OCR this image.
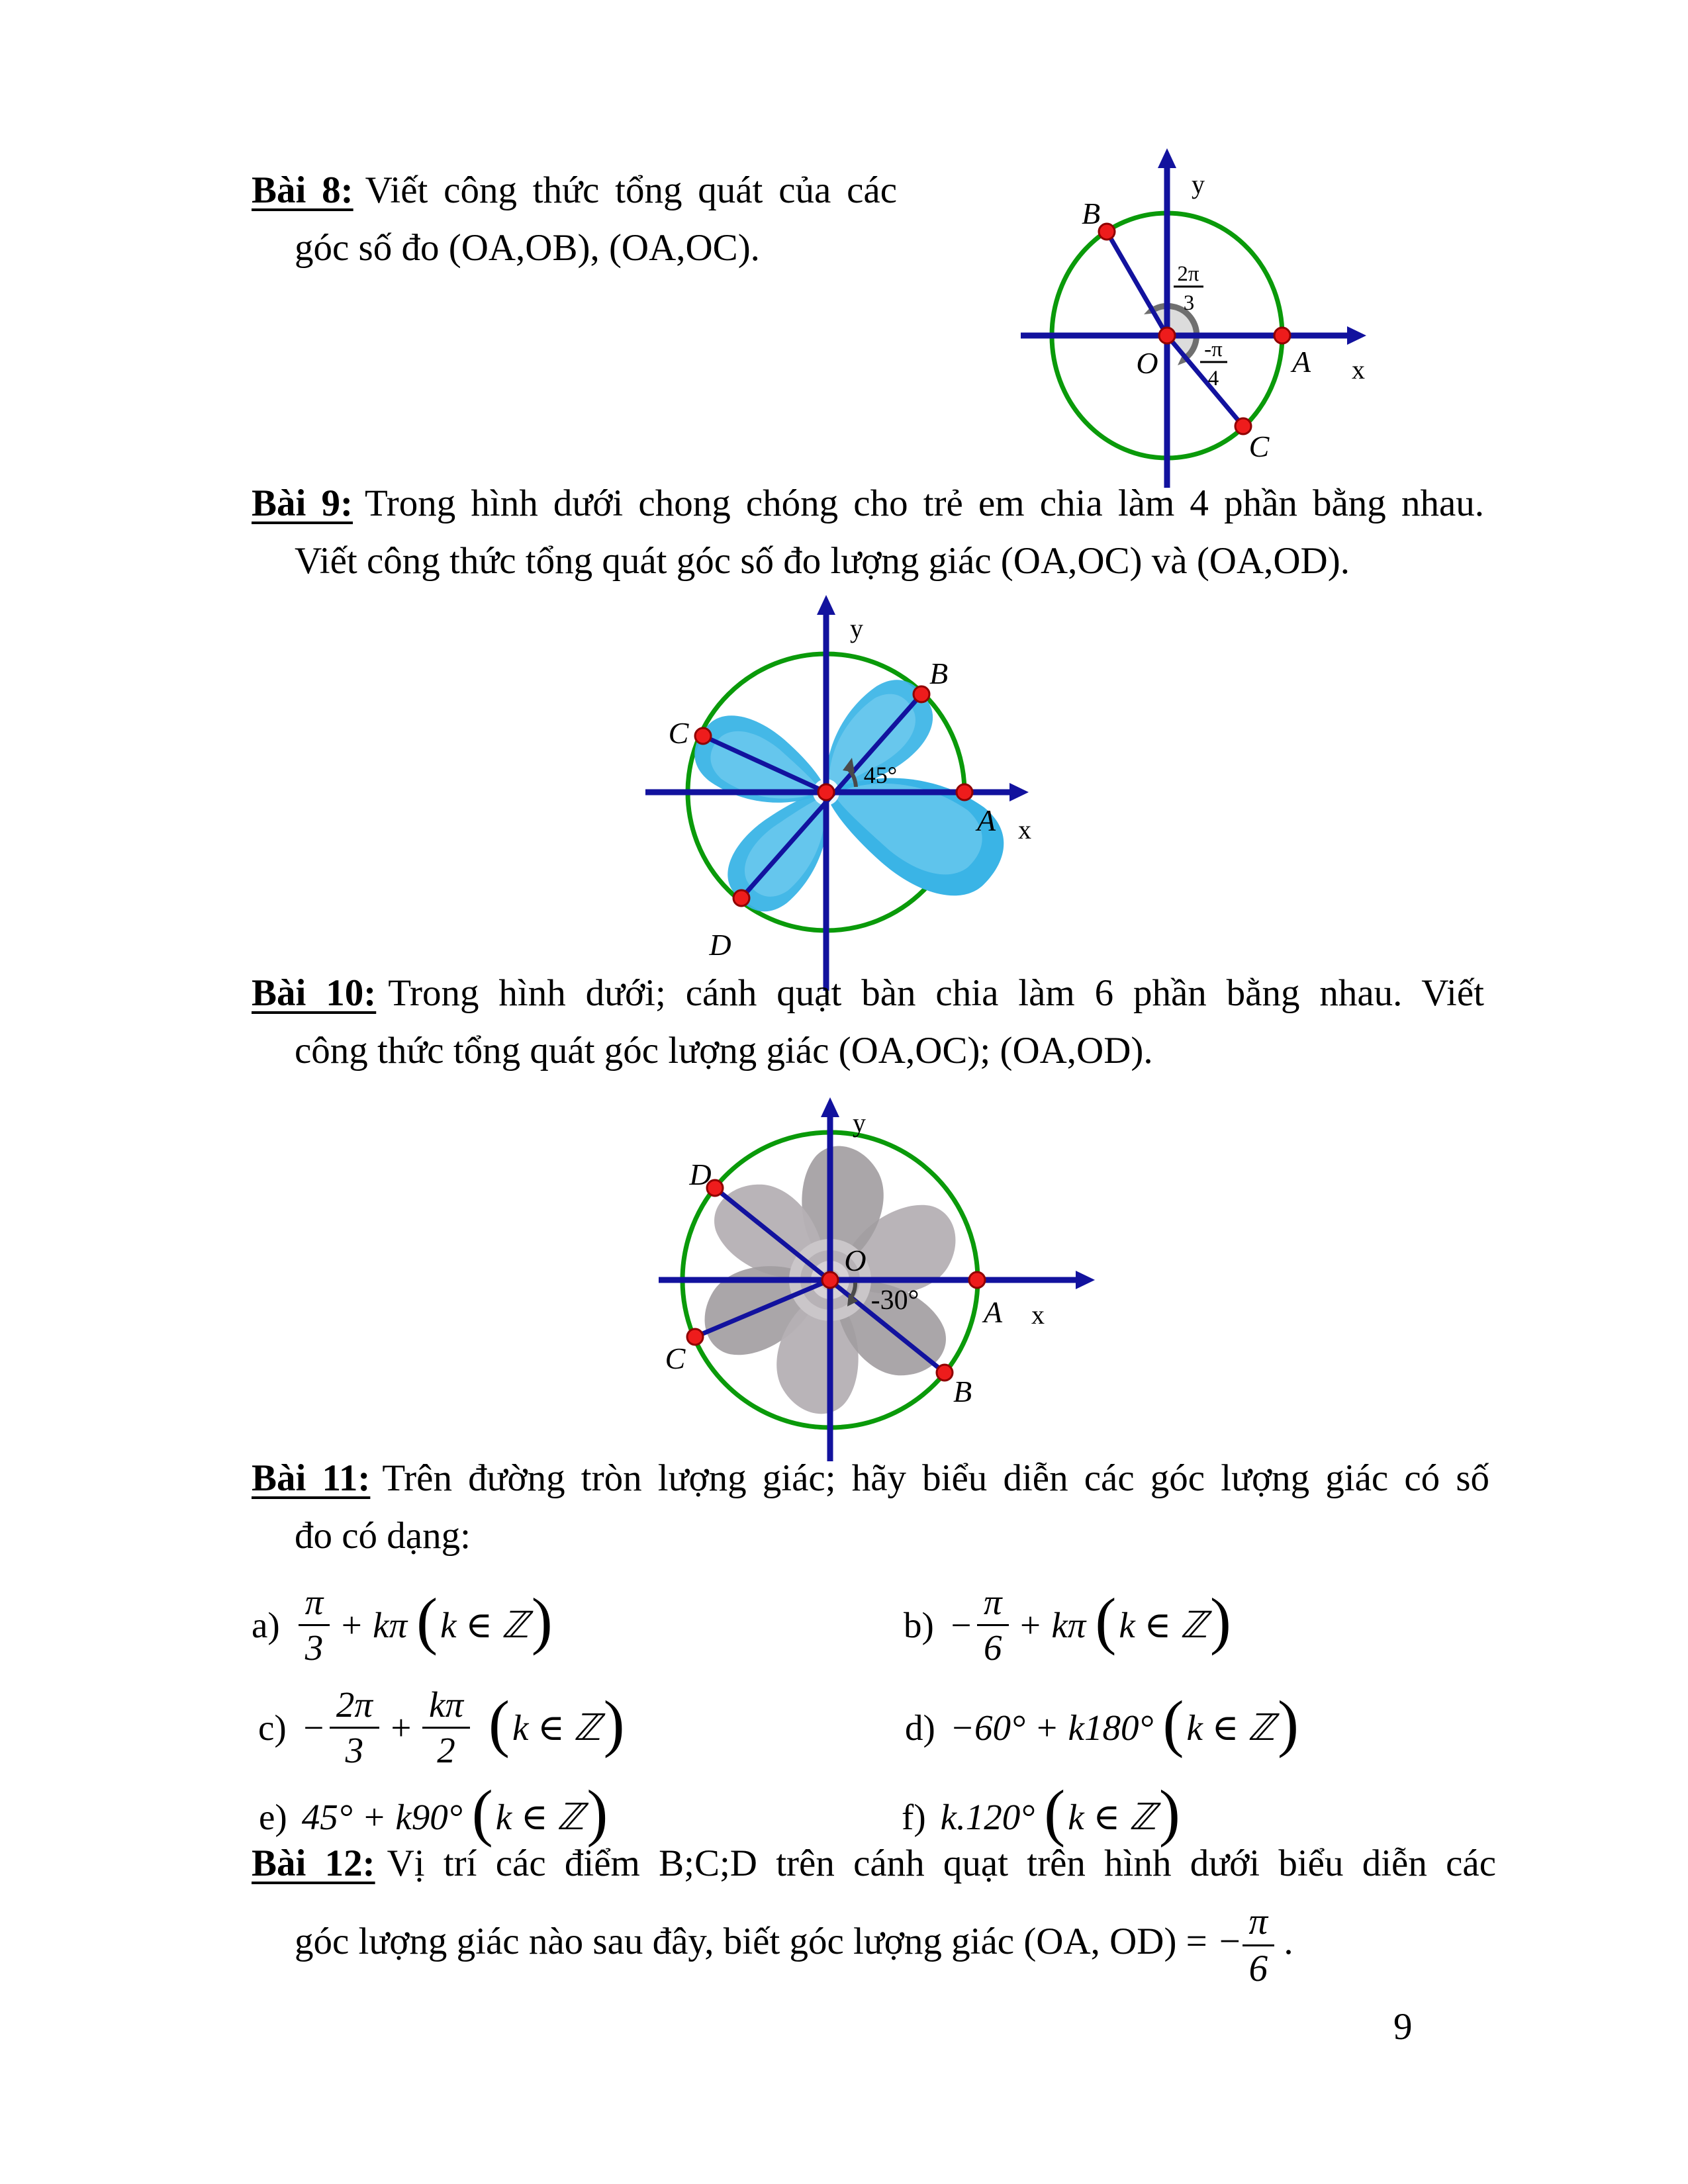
Bài 8: Viết công thức tổng quát của các
góc số đo (OA,OB), (OA,OC).
y
x
B
O	A
C
2π
3
-π
4
Bài 9: Trong hình dưới chong chóng cho trẻ em chia làm 4 phần bằng nhau.
Viết công thức tổng quát góc số đo lượng giác (OA,OC) và (OA,OD).
45°
y
x
B
C
D
A
Bài 10: Trong hình dưới; cánh quạt bàn chia làm 6 phần bằng nhau. Viết
công thức tổng quát góc lượng giác (OA,OC); (OA,OD).
-30°
y
x
O
A
B
C
D
Bài 11: Trên đường tròn lượng giác; hãy biểu diễn các góc lượng giác có số
đo có dạng:
$a) \frac{\pi}{3} + k\pi$ ( k ∈ ℤ )	$b) - \frac{\pi}{6} + k\pi$ ( k ∈ ℤ )
$c) - \frac{2\pi}{3} + \frac{k\pi}{2}$ ( k ∈ ℤ )	d) −60° + k180° ( k ∈ ℤ )
e) 45° + k90° ( k ∈ ℤ )	f) k.120° ( k ∈ ℤ )
Bài 12: Vị trí các điểm B;C;D trên cánh quạt trên hình dưới biểu diễn các
góc lượng giác nào sau đây, biết góc lượng giác (OA, OD) = − $\frac{\pi}{6}$ .
9
